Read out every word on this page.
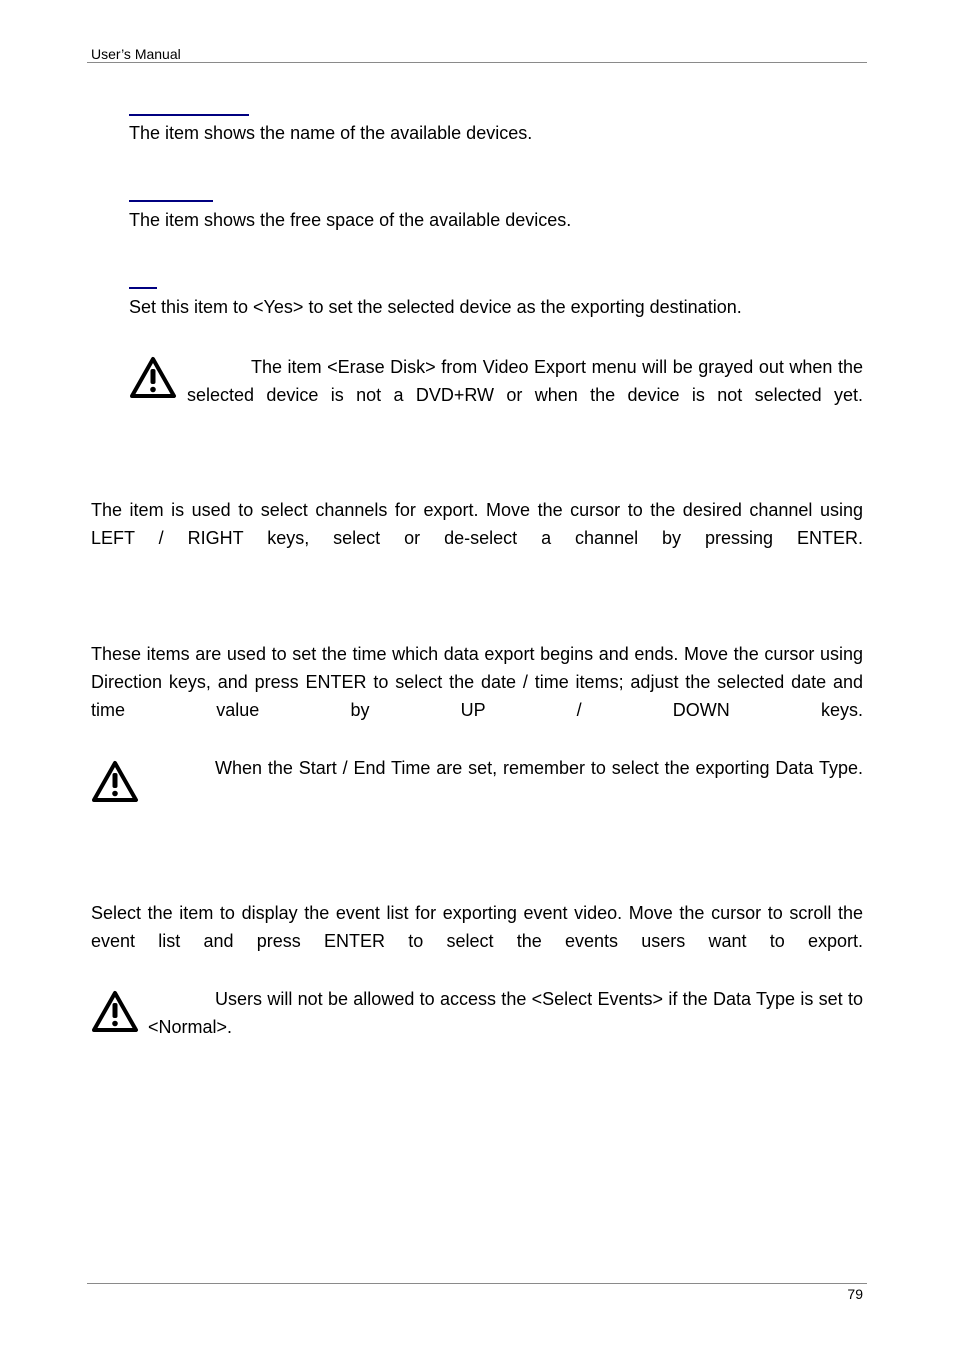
User’s Manual
The item shows the name of the available devices.
The item shows the free space of the available devices.
Set this item to <Yes> to set the selected device as the exporting destination.
The item <Erase Disk> from Video Export menu will be grayed out when the selected device is not a DVD+RW or when the device is not selected yet.
The item is used to select channels for export. Move the cursor to the desired channel using LEFT / RIGHT keys, select or de-select a channel by pressing ENTER.
These items are used to set the time which data export begins and ends. Move the cursor using Direction keys, and press ENTER to select the date / time items; adjust the selected date and time value by UP / DOWN keys.
When the Start / End Time are set, remember to select the exporting Data Type.
Select the item to display the event list for exporting event video. Move the cursor to scroll the event list and press ENTER to select the events users want to export.
Users will not be allowed to access the <Select Events> if the Data Type is set to <Normal>.
79
